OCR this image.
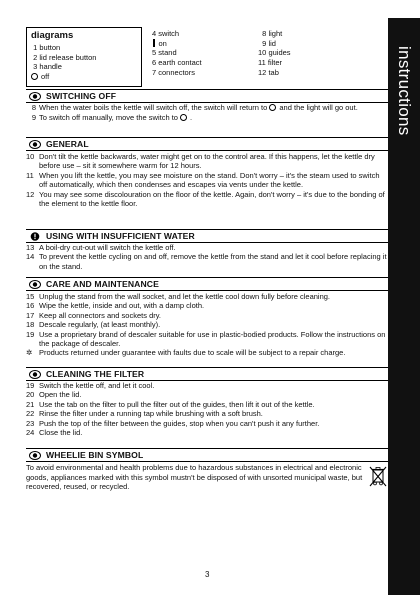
instructions
diagrams
1 button
2 lid release button
3 handle
off
4 switch
on
5 stand
6 earth contact
7 connectors
8 light
9 lid
10 guides
11 filter
12 tab
SWITCHING OFF
8 When the water boils the kettle will switch off, the switch will return to and the light will go out.
9 To switch off manually, move the switch to .
GENERAL
10 Don't tilt the kettle backwards, water might get on to the control area. If this happens, let the kettle dry before use – sit it somewhere warm for 12 hours.
11 When you lift the kettle, you may see moisture on the stand. Don't worry – it's the steam used to switch off automatically, which then condenses and escapes via vents under the kettle.
12 You may see some discolouration on the floor of the kettle. Again, don't worry – it's due to the bonding of the element to the kettle floor.
USING WITH INSUFFICIENT WATER
13 A boil-dry cut-out will switch the kettle off.
14 To prevent the kettle cycling on and off, remove the kettle from the stand and let it cool before replacing it on the stand.
CARE AND MAINTENANCE
15 Unplug the stand from the wall socket, and let the kettle cool down fully before cleaning.
16 Wipe the kettle, inside and out, with a damp cloth.
17 Keep all connectors and sockets dry.
18 Descale regularly, (at least monthly).
19 Use a proprietary brand of descaler suitable for use in plastic-bodied products. Follow the instructions on the package of descaler.
✲ Products returned under guarantee with faults due to scale will be subject to a repair charge.
CLEANING THE FILTER
19 Switch the kettle off, and let it cool.
20 Open the lid.
21 Use the tab on the filter to pull the filter out of the guides, then lift it out of the kettle.
22 Rinse the filter under a running tap while brushing with a soft brush.
23 Push the top of the filter between the guides, stop when you can't push it any further.
24 Close the lid.
WHEELIE BIN SYMBOL
To avoid environmental and health problems due to hazardous substances in electrical and electronic goods, appliances marked with this symbol mustn't be disposed of with unsorted municipal waste, but recovered, reused, or recycled.
3
